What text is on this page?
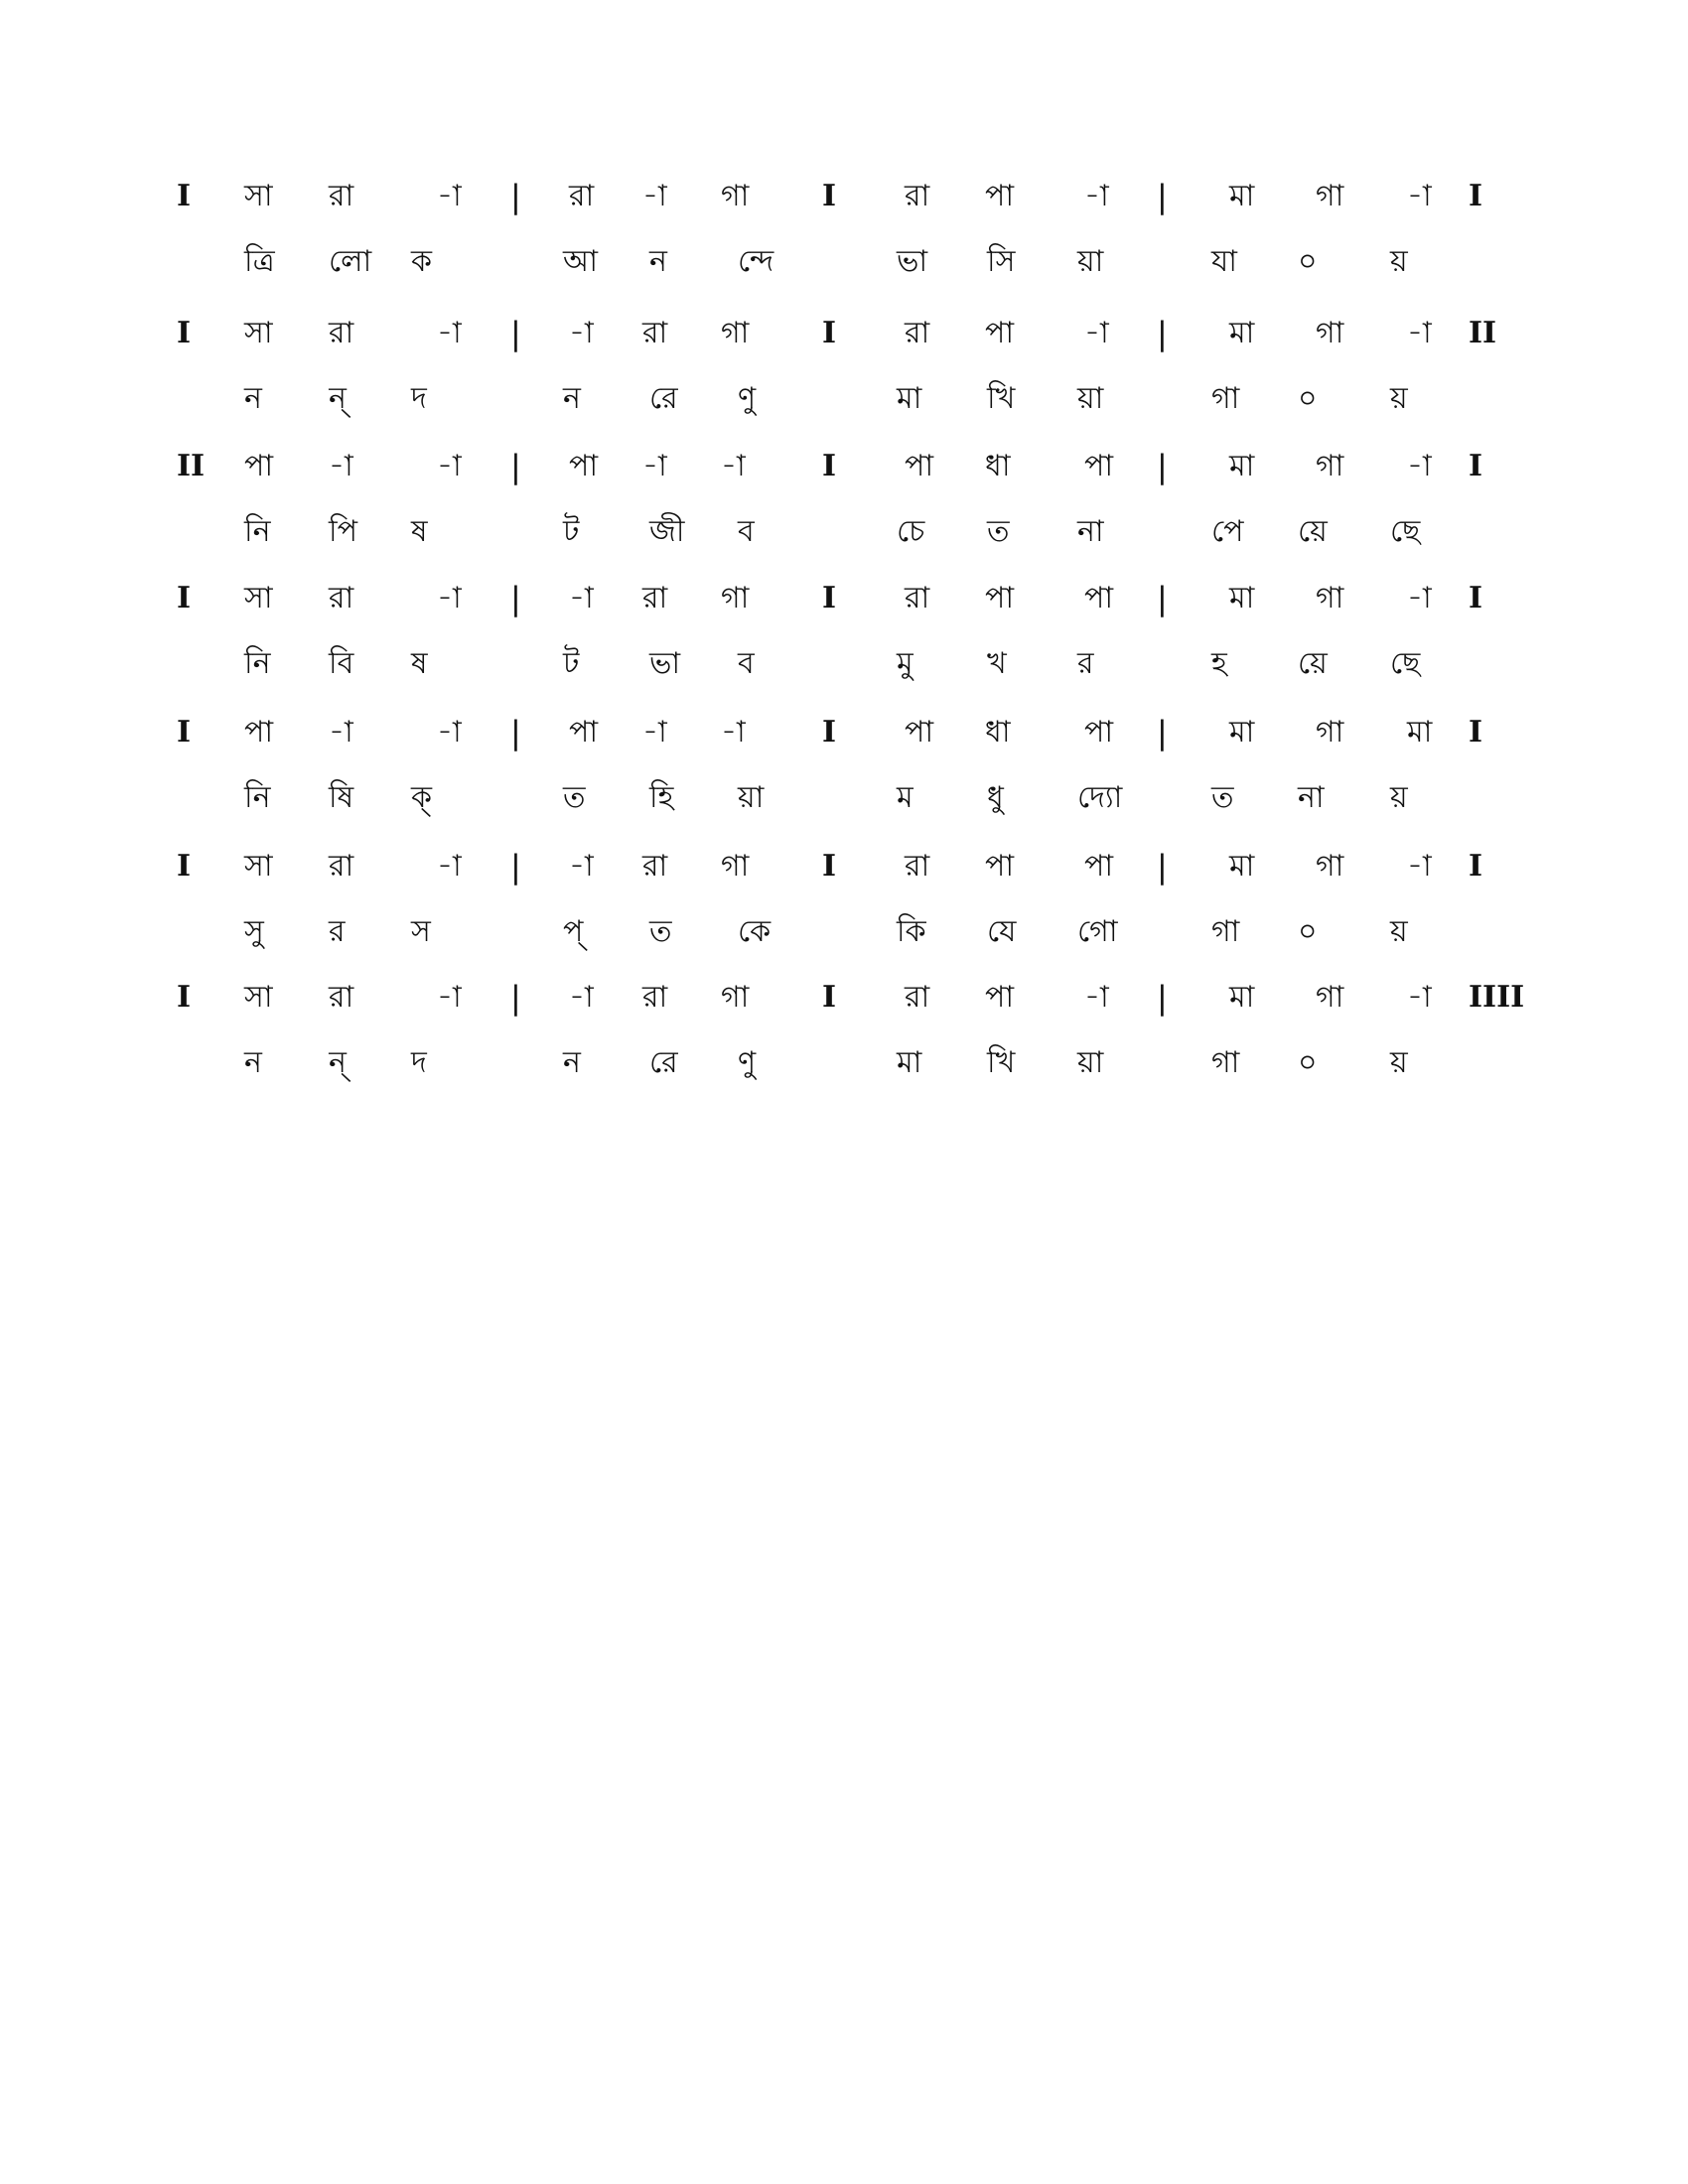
I সা রা	-া | রা -া গা I রা পা -া | মা গা -া I
ত্রি লো ক	আ ন ন্দে	ভা সি য়া	যা ০ য়
I সা রা	-া | -া রা গা I রা পা -া | মা গা -া II
ন ন্ দ	ন রে ণু	মা খি য়া	গা ০ য়
II পা -া	-া | পা -া -া	I পা ধা পা | মা গা -া I
নি পি ষ	ট জী ব	চে ত না	পে য়ে ছে
I সা রা	-া | -া রা গা I রা পা পা | মা গা -া I
নি বি ষ	ট ভা ব	মু খ র	হ য়ে ছে
I পা -া	-া | পা -া -া	I পা ধা পা | মা গা মা I
নি ষি ক্	ত হি য়া	ম ধু দ্যো	ত না য়
I সা রা	-া | -া রা গা I রা পা পা | মা গা -া I
সু র স	প্ ত কে	কি যে গো	গা ০ য়
I সা রা	-া | -া রা গা I রা পা -া | মা গা -া IIII
ন ন্ দ	ন রে ণু	মা খি য়া	গা ০ য়
